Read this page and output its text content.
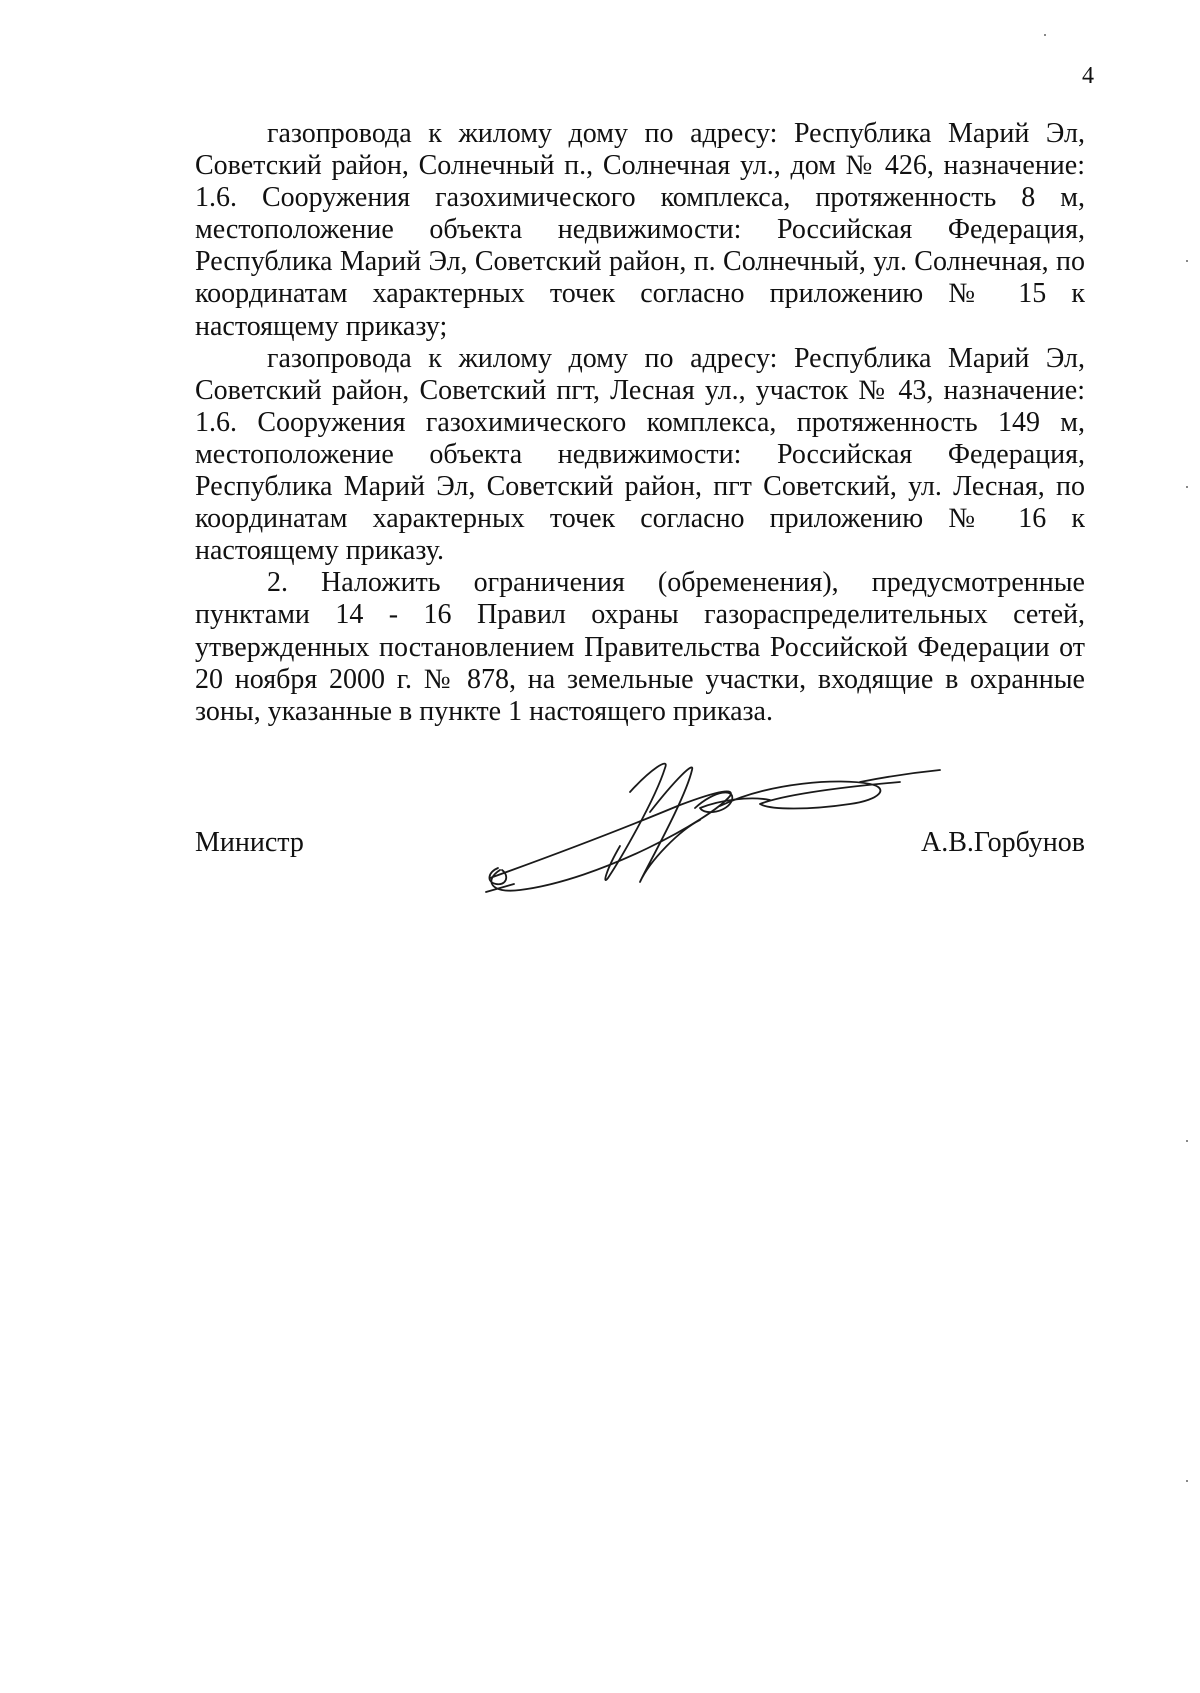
4

газопровода к жилому дому по адресу: Республика Марий Эл, Советский район, Солнечный п., Солнечная ул., дом № 426, назначение: 1.6. Сооружения газохимического комплекса, протяженность 8 м, местоположение объекта недвижимости: Российская Федерация, Республика Марий Эл, Советский район, п. Солнечный, ул. Солнечная, по координатам характерных точек согласно приложению № 15 к настоящему приказу;

газопровода к жилому дому по адресу: Республика Марий Эл, Советский район, Советский пгт, Лесная ул., участок № 43, назначение: 1.6. Сооружения газохимического комплекса, протяженность 149 м, местоположение объекта недвижимости: Российская Федерация, Республика Марий Эл, Советский район, пгт Советский, ул. Лесная, по координатам характерных точек согласно приложению № 16 к настоящему приказу.

2. Наложить ограничения (обременения), предусмотренные пунктами 14 - 16 Правил охраны газораспределительных сетей, утвержденных постановлением Правительства Российской Федерации от 20 ноября 2000 г. № 878, на земельные участки, входящие в охранные зоны, указанные в пункте 1 настоящего приказа.

Министр	А.В.Горбунов
